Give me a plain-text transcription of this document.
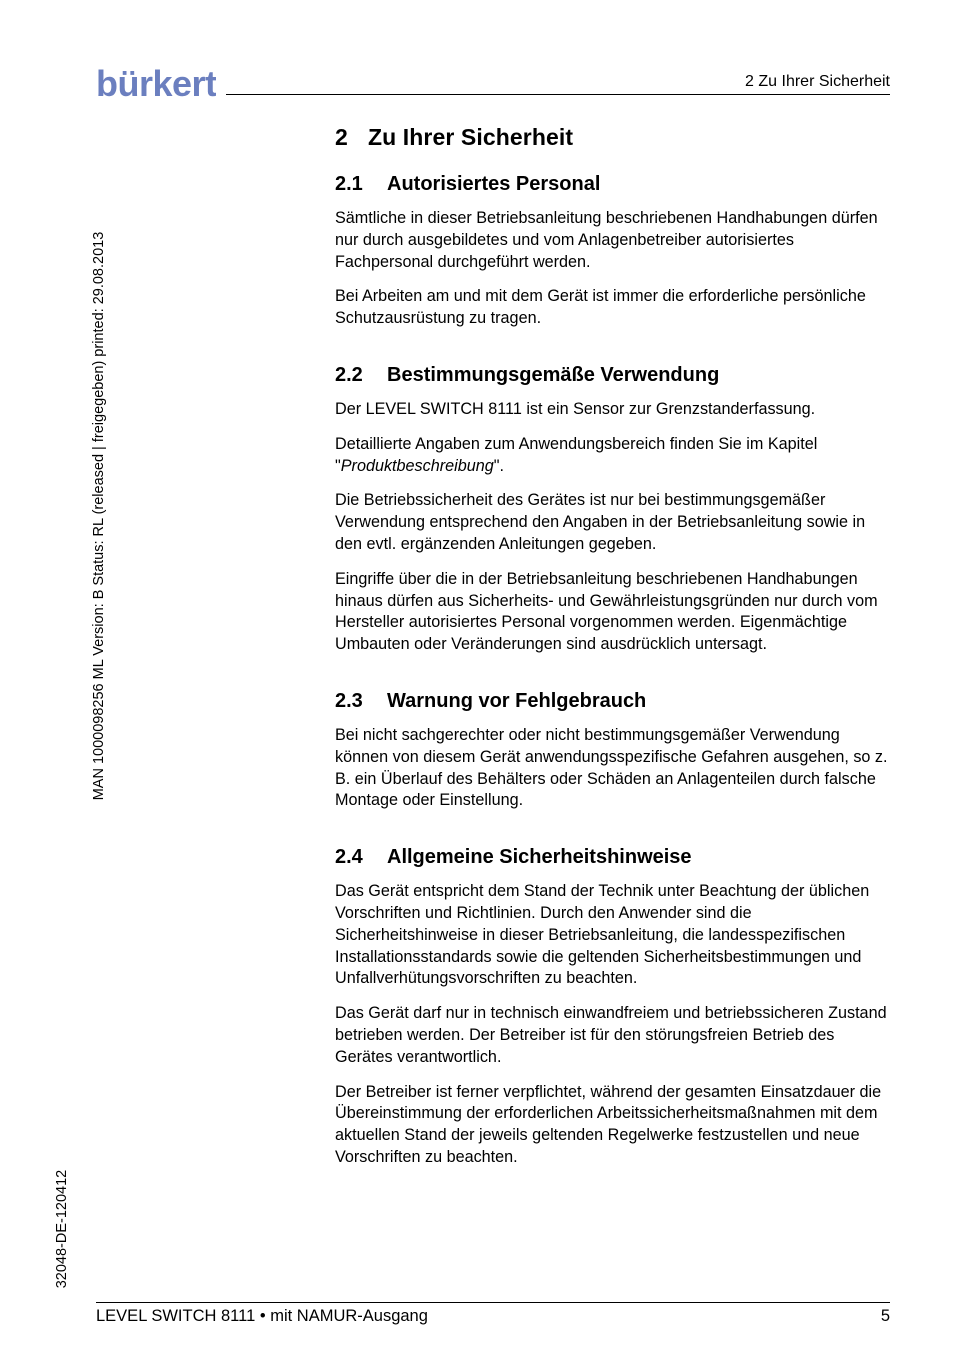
bürkert	2 Zu Ihrer Sicherheit
MAN 1000098256 ML Version: B Status: RL (released | freigegeben) printed: 29.08.2013
32048-DE-120412
2 Zu Ihrer Sicherheit
2.1 Autorisiertes Personal

Sämtliche in dieser Betriebsanleitung beschriebenen Handhabungen dürfen nur durch ausgebildetes und vom Anlagenbetreiber autorisiertes Fachpersonal durchgeführt werden.

Bei Arbeiten am und mit dem Gerät ist immer die erforderliche persönliche Schutzausrüstung zu tragen.

2.2 Bestimmungsgemäße Verwendung

Der LEVEL SWITCH 8111 ist ein Sensor zur Grenzstanderfassung.

Detaillierte Angaben zum Anwendungsbereich finden Sie im Kapitel "Produktbeschreibung".

Die Betriebssicherheit des Gerätes ist nur bei bestimmungsgemäßer Verwendung entsprechend den Angaben in der Betriebsanleitung sowie in den evtl. ergänzenden Anleitungen gegeben.

Eingriffe über die in der Betriebsanleitung beschriebenen Handhabungen hinaus dürfen aus Sicherheits- und Gewährleistungsgründen nur durch vom Hersteller autorisiertes Personal vorgenommen werden. Eigenmächtige Umbauten oder Veränderungen sind ausdrücklich untersagt.

2.3 Warnung vor Fehlgebrauch

Bei nicht sachgerechter oder nicht bestimmungsgemäßer Verwendung können von diesem Gerät anwendungsspezifische Gefahren ausgehen, so z. B. ein Überlauf des Behälters oder Schäden an Anlagenteilen durch falsche Montage oder Einstellung.

2.4 Allgemeine Sicherheitshinweise

Das Gerät entspricht dem Stand der Technik unter Beachtung der üblichen Vorschriften und Richtlinien. Durch den Anwender sind die Sicherheitshinweise in dieser Betriebsanleitung, die landesspezifischen Installationsstandards sowie die geltenden Sicherheitsbestimmungen und Unfallverhütungsvorschriften zu beachten.

Das Gerät darf nur in technisch einwandfreiem und betriebssicheren Zustand betrieben werden. Der Betreiber ist für den störungsfreien Betrieb des Gerätes verantwortlich.

Der Betreiber ist ferner verpflichtet, während der gesamten Einsatzdauer die Übereinstimmung der erforderlichen Arbeitssicherheitsmaßnahmen mit dem aktuellen Stand der jeweils geltenden Regelwerke festzustellen und neue Vorschriften zu beachten.

LEVEL SWITCH 8111 • mit NAMUR-Ausgang	5
